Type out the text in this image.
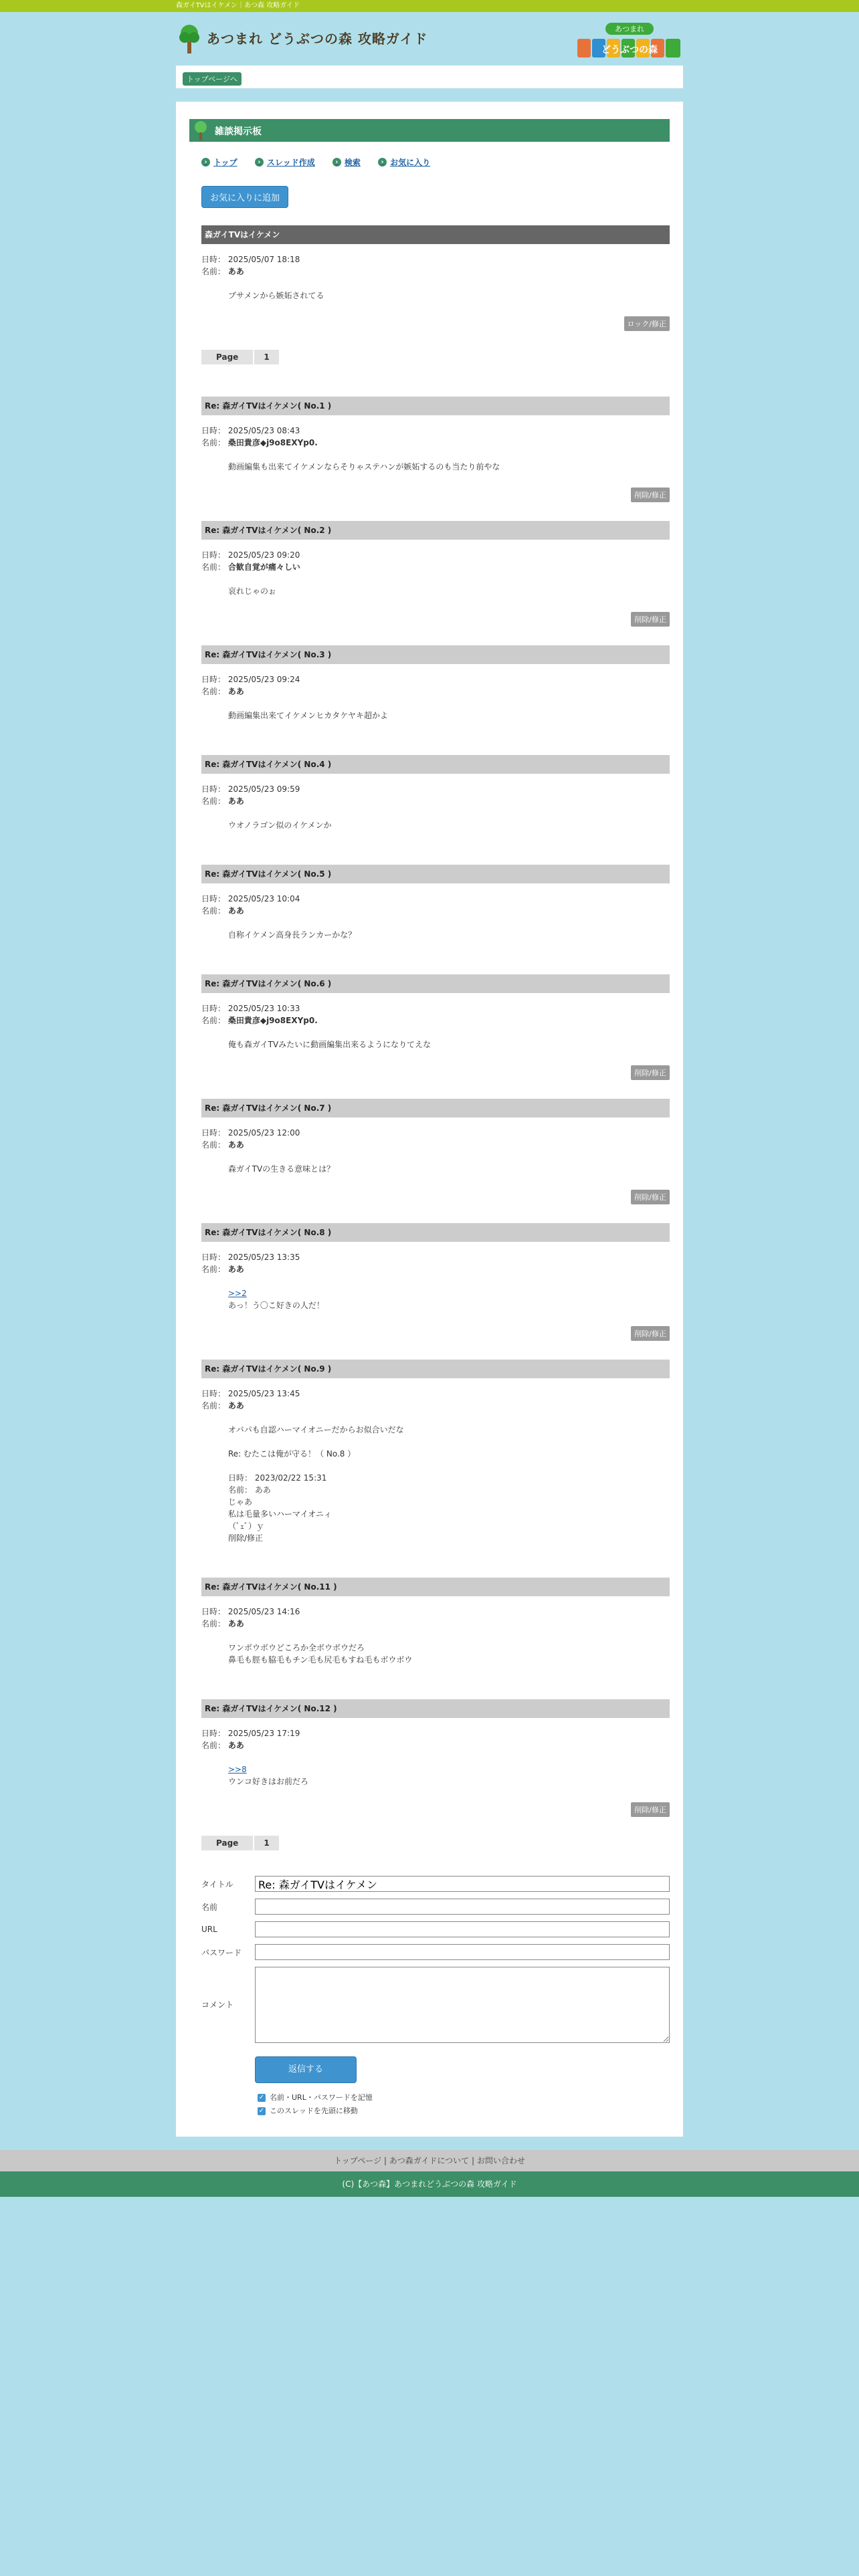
森ガイTVはイケメン｜あつ森 攻略ガイド
あつまれ どうぶつの森 攻略ガイド
あつまれ
どうぶつの森
トップページへ
雑談掲示板
› トップ
	› スレッド作成
	› 検索
	› お気に入り
お気に入りに追加
森ガイTVはイケメン
日時： 2025/05/07 18:18
名前： ああ
ブサメンから嫉妬されてる
ロック/修正
Page	1
Re: 森ガイTVはイケメン( No.1 )
日時： 2025/05/23 08:43
名前： 桑田貴彦◆j9o8EXYp0.
動画編集も出来てイケメンならそりゃステハンが嫉妬するのも当たり前やな
削除/修正
Re: 森ガイTVはイケメン( No.2 )
日時： 2025/05/23 09:20
名前： 合歓自覚が痛々しい
哀れじゃのぉ
削除/修正
Re: 森ガイTVはイケメン( No.3 )
日時： 2025/05/23 09:24
名前： ああ
動画編集出来てイケメンヒカタケヤキ超かよ
Re: 森ガイTVはイケメン( No.4 )
日時： 2025/05/23 09:59
名前： ああ
ウオノラゴン似のイケメンか
Re: 森ガイTVはイケメン( No.5 )
日時： 2025/05/23 10:04
名前： ああ
自称イケメン高身長ランカーかな？
Re: 森ガイTVはイケメン( No.6 )
日時： 2025/05/23 10:33
名前： 桑田貴彦◆j9o8EXYp0.
俺も森ガイTVみたいに動画編集出来るようになりてえな
削除/修正
Re: 森ガイTVはイケメン( No.7 )
日時： 2025/05/23 12:00
名前： ああ
森ガイTVの生きる意味とは？
削除/修正
Re: 森ガイTVはイケメン( No.8 )
日時： 2025/05/23 13:35
名前： ああ
>>2
あっ！う〇こ好きの人だ！
削除/修正
Re: 森ガイTVはイケメン( No.9 )
日時： 2025/05/23 13:45
名前： ああ
オバパも自認ハーマイオニーだからお似合いだな

Re: むたこは俺が守る！（ No.8 ）

日時： 2023/02/22 15:31
名前： ああ
じゃあ
私は毛量多いハーマイオニィ
（ﾟｪﾟ）ｙ
削除/修正
Re: 森ガイTVはイケメン( No.11 )
日時： 2025/05/23 14:16
名前： ああ
ワンボウボウどころか全ボウボウだろ
鼻毛も脛も脇毛もチン毛も尻毛もすね毛もボウボウ
Re: 森ガイTVはイケメン( No.12 )
日時： 2025/05/23 17:19
名前： ああ
>>8
ウンコ好きはお前だろ
削除/修正
Page	1
タイトル
Re: 森ガイTVはイケメン
名前
URL
パスワード
コメント
返信する
✓ 名前・URL・パスワードを記憶
✓ このスレッドを先頭に移動
トップページ | あつ森ガイドについて | お問い合わせ
(C)【あつ森】あつまれどうぶつの森 攻略ガイド
